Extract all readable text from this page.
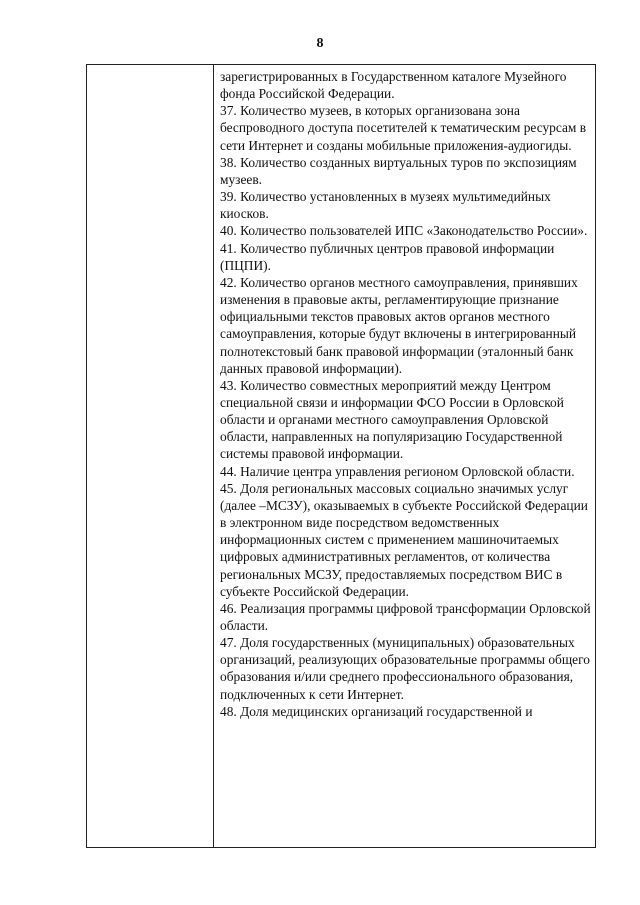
8

зарегистрированных в Государственном каталоге Музейного фонда Российской Федерации.

37. Количество музеев, в которых организована зона беспроводного доступа посетителей к тематическим ресурсам в сети Интернет и созданы мобильные приложения-аудиогиды.

38. Количество созданных виртуальных туров по экспозициям музеев.

39. Количество установленных в музеях мультимедийных киосков.

40. Количество пользователей ИПС «Законодательство России».

41. Количество публичных центров правовой информации (ПЦПИ).

42. Количество органов местного самоуправления, принявших изменения в правовые акты, регламентирующие признание официальными текстов правовых актов органов местного самоуправления, которые будут включены в интегрированный полнотекстовый банк правовой информации (эталонный банк данных правовой информации).

43. Количество совместных мероприятий между Центром специальной связи и информации ФСО России в Орловской области и органами местного самоуправления Орловской области, направленных на популяризацию Государственной системы правовой информации.

44. Наличие центра управления регионом Орловской области.

45. Доля региональных массовых социально значимых услуг (далее –МСЗУ), оказываемых в субъекте Российской Федерации в электронном виде посредством ведомственных информационных систем с применением машиночитаемых цифровых административных регламентов, от количества региональных МСЗУ, предоставляемых посредством ВИС в субъекте Российской Федерации.

46. Реализация программы цифровой трансформации Орловской области.

47. Доля государственных (муниципальных) образовательных организаций, реализующих образовательные программы общего образования и/или среднего профессионального образования, подключенных к сети Интернет.

48. Доля медицинских организаций государственной и
